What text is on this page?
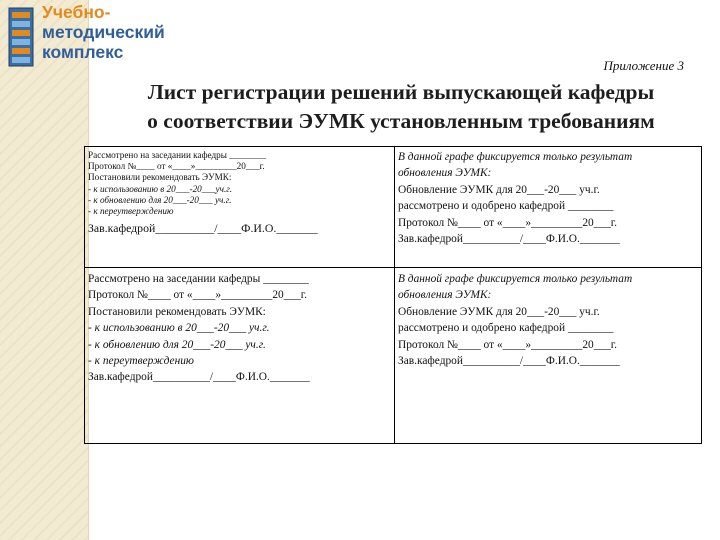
Учебно-
методический
комплекс
Приложение 3
Лист регистрации решений выпускающей кафедры
о соответствии ЭУМК установленным требованиям

Рассмотрено на заседании кафедры ________

Протокол №____ от «____»_________20___г.

Постановили рекомендовать ЭУМК:

- к использованию в 20___-20___уч.г.

- к обновлению для 20___-20___ уч.г.

- к переутверждению

Зав.кафедрой__________/____Ф.И.О._______

В данной графе фиксируется только результат

обновления ЭУМК:

Обновление ЭУМК для 20___-20___ уч.г.

рассмотрено и одобрено кафедрой ________

Протокол №____ от «____»_________20___г.

Зав.кафедрой__________/____Ф.И.О._______

Рассмотрено на заседании кафедры ________

Протокол №____ от «____»_________20___г.

Постановили рекомендовать ЭУМК:

- к использованию в 20___-20___ уч.г.

- к обновлению для 20___-20___ уч.г.

- к переутверждению

Зав.кафедрой__________/____Ф.И.О._______

В данной графе фиксируется только результат

обновления ЭУМК:

Обновление ЭУМК для 20___-20___ уч.г.

рассмотрено и одобрено кафедрой ________

Протокол №____ от «____»_________20___г.

Зав.кафедрой__________/____Ф.И.О._______
